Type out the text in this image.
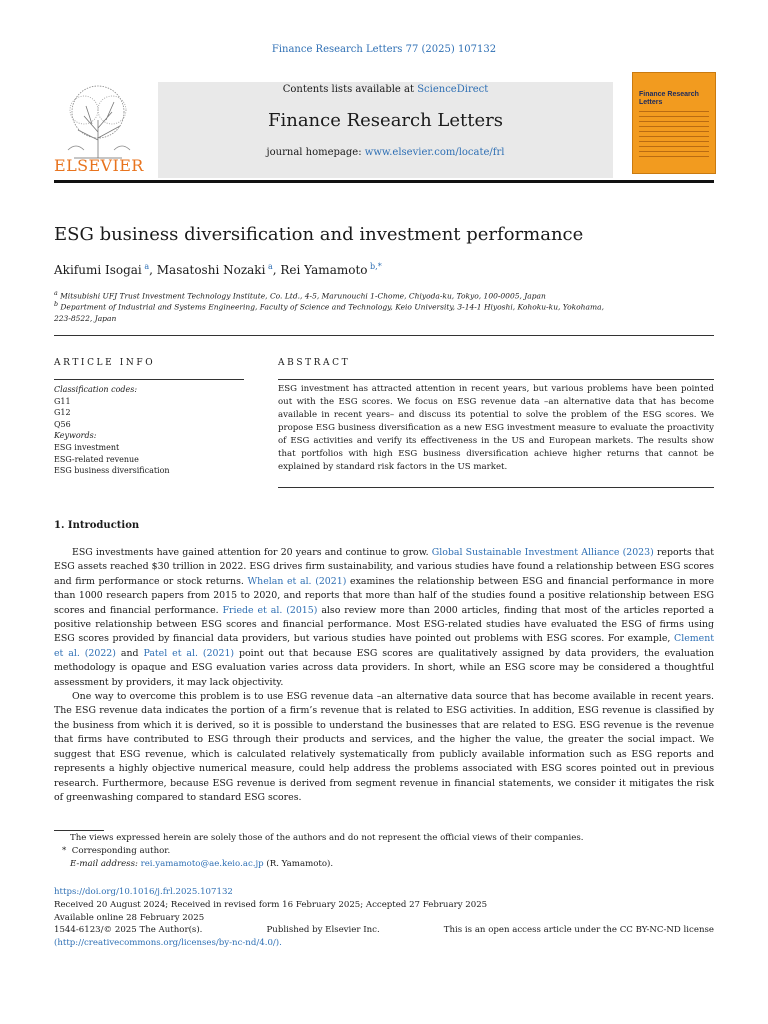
Finance Research Letters 77 (2025) 107132
ELSEVIER
Contents lists available at ScienceDirect
Finance Research Letters
journal homepage: www.elsevier.com/locate/frl
Finance Research Letters
ESG business diversification and investment performance
Akifumi Isogai $^a$, Masatoshi Nozaki $^a$, Rei Yamamoto $^{b,*}$
$^a$ Mitsubishi UFJ Trust Investment Technology Institute, Co. Ltd., 4-5, Marunouchi 1-Chome, Chiyoda-ku, Tokyo, 100-0005, Japan
$^b$ Department of Industrial and Systems Engineering, Faculty of Science and Technology, Keio University, 3-14-1 Hiyoshi, Kohoku-ku, Yokohama, 223-8522, Japan
ARTICLE INFO	ABSTRACT
Classification codes:
G11
G12
Q56
Keywords:
ESG investment
ESG-related revenue
ESG business diversification
ESG investment has attracted attention in recent years, but various problems have been pointed out with the ESG scores. We focus on ESG revenue data –an alternative data that has become available in recent years– and discuss its potential to solve the problem of the ESG scores. We propose ESG business diversification as a new ESG investment measure to evaluate the proactivity of ESG activities and verify its effectiveness in the US and European markets. The results show that portfolios with high ESG business diversification achieve higher returns that cannot be explained by standard risk factors in the US market.
1. Introduction

ESG investments have gained attention for 20 years and continue to grow. Global Sustainable Investment Alliance (2023) reports that ESG assets reached $30 trillion in 2022. ESG drives firm sustainability, and various studies have found a relationship between ESG scores and firm performance or stock returns. Whelan et al. (2021) examines the relationship between ESG and financial performance in more than 1000 research papers from 2015 to 2020, and reports that more than half of the studies found a positive relationship between ESG scores and financial performance. Friede et al. (2015) also review more than 2000 articles, finding that most of the articles reported a positive relationship between ESG scores and financial performance. Most ESG-related studies have evaluated the ESG of firms using ESG scores provided by financial data providers, but various studies have pointed out problems with ESG scores. For example, Clement et al. (2022) and Patel et al. (2021) point out that because ESG scores are qualitatively assigned by data providers, the evaluation methodology is opaque and ESG evaluation varies across data providers. In short, while an ESG score may be considered a thoughtful assessment by providers, it may lack objectivity.

One way to overcome this problem is to use ESG revenue data –an alternative data source that has become available in recent years. The ESG revenue data indicates the portion of a firm’s revenue that is related to ESG activities. In addition, ESG revenue is classified by the business from which it is derived, so it is possible to understand the businesses that are related to ESG. ESG revenue is the revenue that firms have contributed to ESG through their products and services, and the higher the value, the greater the social impact. We suggest that ESG revenue, which is calculated relatively systematically from publicly available information such as ESG reports and represents a highly objective numerical measure, could help address the problems associated with ESG scores pointed out in previous research. Furthermore, because ESG revenue is derived from segment revenue in financial statements, we consider it mitigates the risk of greenwashing compared to standard ESG scores.

The views expressed herein are solely those of the authors and do not represent the official views of their companies.
* Corresponding author.
E-mail address: rei.yamamoto@ae.keio.ac.jp (R. Yamamoto).
https://doi.org/10.1016/j.frl.2025.107132
Received 20 August 2024; Received in revised form 16 February 2025; Accepted 27 February 2025
Available online 28 February 2025
1544-6123/© 2025 The Author(s).	Published by Elsevier Inc.	This is an open access article under the CC BY-NC-ND license
(http://creativecommons.org/licenses/by-nc-nd/4.0/).
